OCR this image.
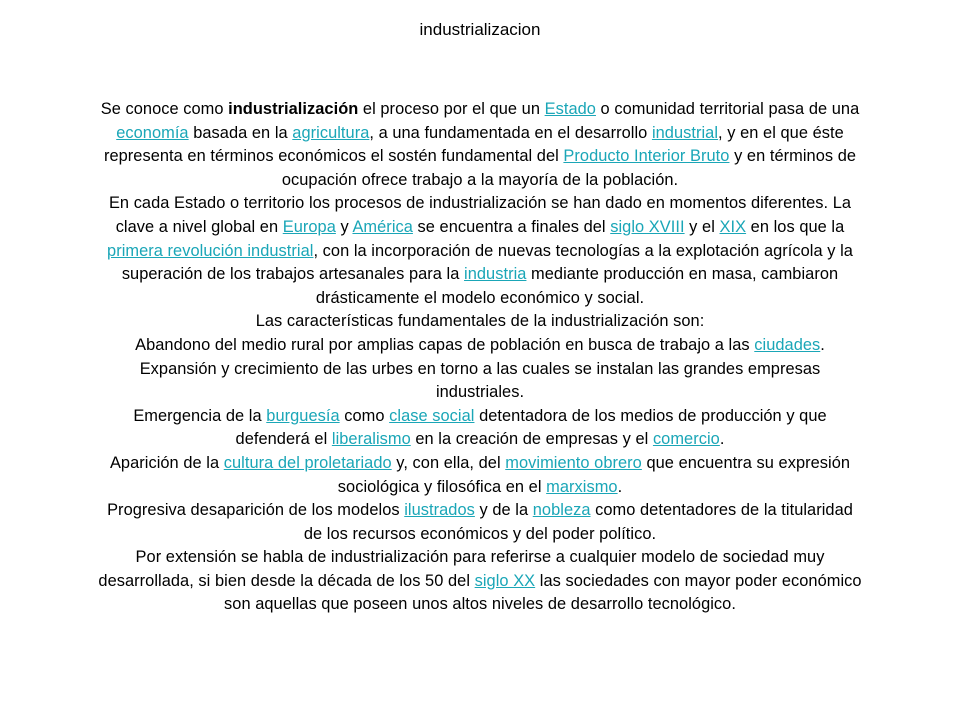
industrializacion
Se conoce como industrialización el proceso por el que un Estado o comunidad territorial pasa de una
economía basada en la agricultura, a una fundamentada en el desarrollo industrial, y en el que éste
representa en términos económicos el sostén fundamental del Producto Interior Bruto y en términos de
ocupación ofrece trabajo a la mayoría de la población.
En cada Estado o territorio los procesos de industrialización se han dado en momentos diferentes. La
clave a nivel global en Europa y América se encuentra a finales del siglo XVIII y el XIX en los que la
primera revolución industrial, con la incorporación de nuevas tecnologías a la explotación agrícola y la
superación de los trabajos artesanales para la industria mediante producción en masa, cambiaron
drásticamente el modelo económico y social.
Las características fundamentales de la industrialización son:
Abandono del medio rural por amplias capas de población en busca de trabajo a las ciudades.
Expansión y crecimiento de las urbes en torno a las cuales se instalan las grandes empresas
industriales.
Emergencia de la burguesía como clase social detentadora de los medios de producción y que
defenderá el liberalismo en la creación de empresas y el comercio.
Aparición de la cultura del proletariado y, con ella, del movimiento obrero que encuentra su expresión
sociológica y filosófica en el marxismo.
Progresiva desaparición de los modelos ilustrados y de la nobleza como detentadores de la titularidad
de los recursos económicos y del poder político.
Por extensión se habla de industrialización para referirse a cualquier modelo de sociedad muy
desarrollada, si bien desde la década de los 50 del siglo XX las sociedades con mayor poder económico
son aquellas que poseen unos altos niveles de desarrollo tecnológico.
